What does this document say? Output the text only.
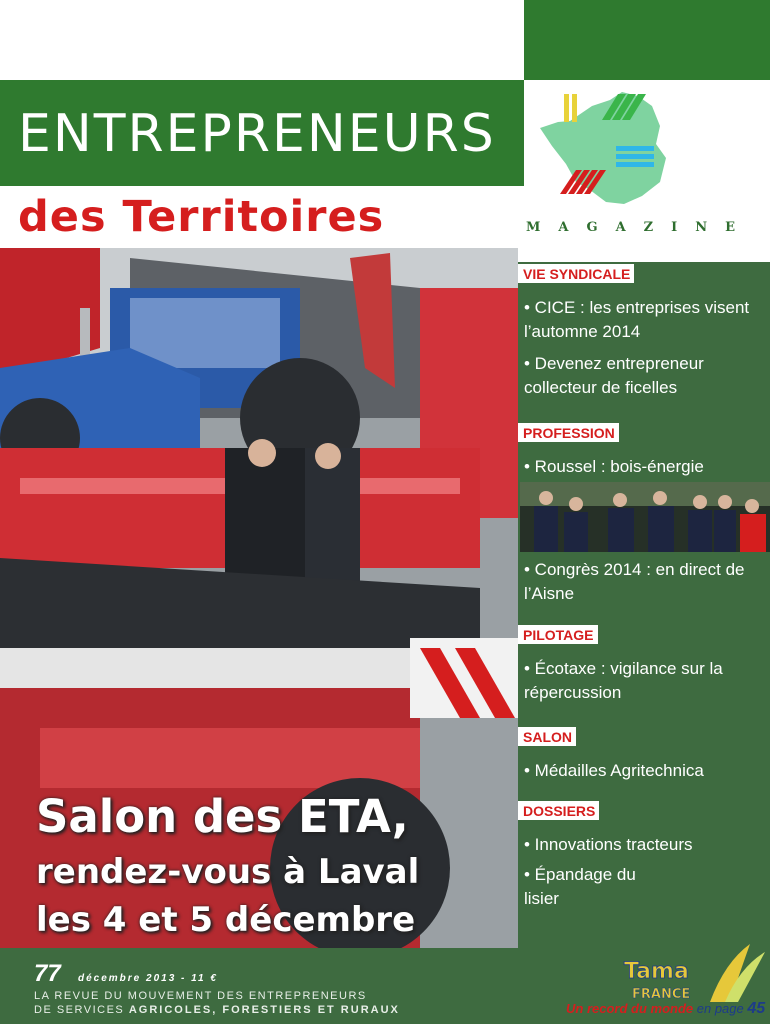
ENTREPRENEURS
des Territoires	MAGAZINE
VIE SYNDICALE
• CICE : les entreprises visent l’automne 2014
• Devenez entrepreneur collecteur de ficelles
PROFESSION
• Roussel : bois-énergie
• Congrès 2014 : en direct de l’Aisne
PILOTAGE
• Écotaxe : vigilance sur la répercussion
SALON
• Médailles Agritechnica
DOSSIERS
• Innovations tracteurs
• Épandage du lisier
Salon des ETA,
rendez-vous à Laval
les 4 et 5 décembre
77 décembre 2013 - 11 €
LA REVUE DU MOUVEMENT DES ENTREPRENEURS
DE SERVICES AGRICOLES, FORESTIERS ET RURAUX
Tama
FRANCE
Un record du monde en page 45
